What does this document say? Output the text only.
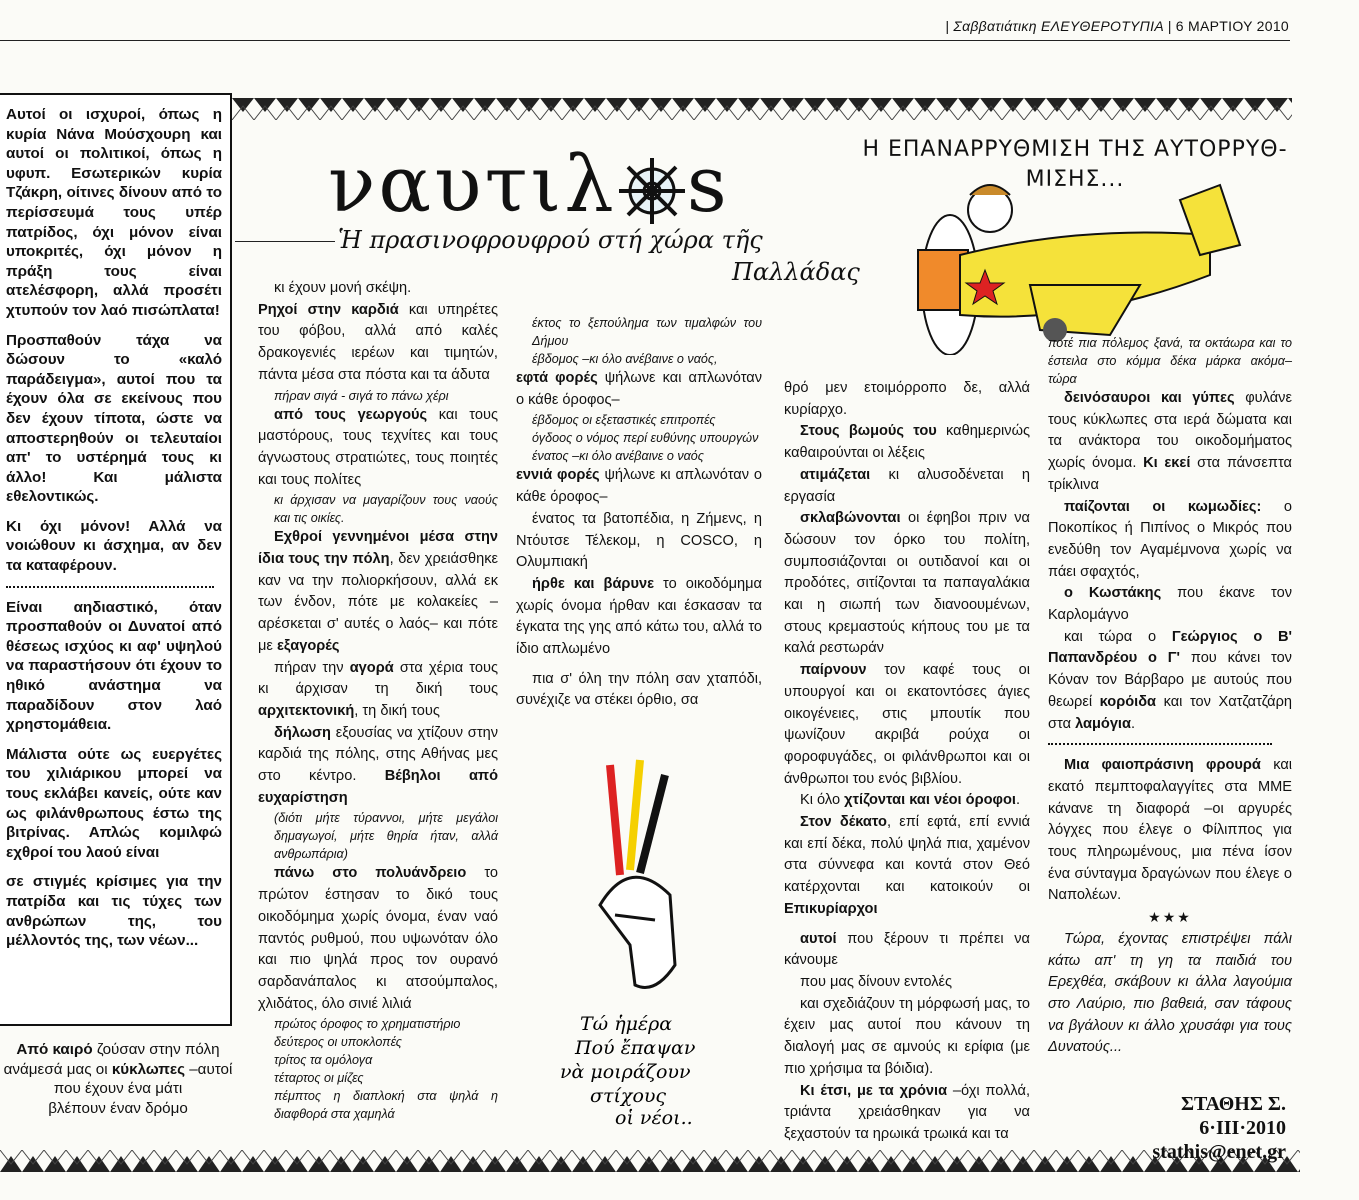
| Σαββατιάτικη ΕΛΕΥΘΕΡΟΤΥΠΙΑ | 6 ΜΑΡΤΙΟΥ 2010

Αυτοί οι ισχυροί, όπως η κυρία Νάνα Μούσχουρη και αυτοί οι πολιτικοί, όπως η υφυπ. Εσωτερικών κυρία Τζάκρη, οίτινες δίνουν από το περίσσευμά τους υπέρ πατρίδος, όχι μόνον είναι υποκριτές, όχι μόνον η πράξη τους είναι ατελέσφορη, αλλά προσέτι χτυπούν τον λαό πισώπλατα!

Προσπαθούν τάχα να δώσουν το «καλό παράδειγμα», αυτοί που τα έχουν όλα σε εκείνους που δεν έχουν τίποτα, ώστε να αποστερηθούν οι τελευταίοι απ' το υστέρημά τους κι άλλο! Και μάλιστα εθελοντικώς.

Κι όχι μόνον! Αλλά να νοιώθουν κι άσχημα, αν δεν τα καταφέρουν.

Είναι αηδιαστικό, όταν προσπαθούν οι Δυνατοί από θέσεως ισχύος κι αφ' υψηλού να παραστήσουν ότι έχουν το ηθικό ανάστημα να παραδίδουν στον λαό χρηστομάθεια.

Μάλιστα ούτε ως ευεργέτες του χιλιάρικου μπορεί να τους εκλάβει κανείς, ούτε καν ως φιλάνθρωπους έστω της βιτρίνας. Απλώς κομιλφώ εχθροί του λαού είναι

σε στιγμές κρίσιμες για την πατρίδα και τις τύχες των ανθρώπων της, του μέλλοντός της, των νέων...

Από καιρό ζούσαν στην πόλη

ανάμεσά μας οι κύκλωπες –αυτοί

που έχουν ένα μάτι

βλέπουν έναν δρόμο

ναυτιλ s
Ἡ πρασινοφρουφρού στή χώρα τῆς
Παλλάδας
Η ΕΠΑΝΑΡΡΥΘΜΙΣΗ ΤΗΣ ΑΥΤΟΡΡΥΘ- ΜΙΣΗΣ...

κι έχουν μονή σκέψη.

Ρηχοί στην καρδιά και υπηρέτες του φόβου, αλλά από καλές δρακογενιές ιερέων και τιμητών, πάντα μέσα στα πόστα και τα άδυτα

πήραν σιγά - σιγά το πάνω χέρι

από τους γεωργούς και τους μαστόρους, τους τεχνίτες και τους άγνωστους στρατιώτες, τους ποιητές και τους πολίτες

κι άρχισαν να μαγαρίζουν τους ναούς και τις οικίες.

Εχθροί γεννημένοι μέσα στην ίδια τους την πόλη, δεν χρειάσθηκε καν να την πολιορκήσουν, αλλά εκ των ένδον, πότε με κολακείες –αρέσκεται σ' αυτές ο λαός– και πότε με εξαγορές

πήραν την αγορά στα χέρια τους κι άρχισαν τη δική τους αρχιτεκτονική, τη δική τους

δήλωση εξουσίας να χτίζουν στην καρδιά της πόλης, στης Αθήνας μες στο κέντρο. Βέβηλοι από ευχαρίστηση

(διότι μήτε τύραννοι, μήτε μεγάλοι δημαγωγοί, μήτε θηρία ήταν, αλλά ανθρωπάρια)

πάνω στο πολυάνδρειο το πρώτον έστησαν το δικό τους οικοδόμημα χωρίς όνομα, έναν ναό παντός ρυθμού, που υψωνόταν όλο και πιο ψηλά προς τον ουρανό σαρδανάπαλος κι ατσούμπαλος, χλιδάτος, όλο σινιέ λιλιά

πρώτος όροφος το χρηματιστήριο

δεύτερος οι υποκλοπές

τρίτος τα ομόλογα

τέταρτος οι μίζες

πέμπτος η διαπλοκή στα ψηλά η διαφθορά στα χαμηλά

έκτος το ξεπούλημα των τιμαλφών του Δήμου

έβδομος –κι όλο ανέβαινε ο ναός,

εφτά φορές ψήλωνε και απλωνόταν ο κάθε όροφος–

έβδομος οι εξεταστικές επιτροπές

όγδοος ο νόμος περί ευθύνης υπουργών

ένατος –κι όλο ανέβαινε ο ναός

εννιά φορές ψήλωνε κι απλωνόταν ο κάθε όροφος–

ένατος τα βατοπέδια, η Ζήμενς, η Ντόυτσε Τέλεκομ, η COSCO, η Ολυμπιακή

ήρθε και βάρυνε το οικοδόμημα χωρίς όνομα ήρθαν και έσκασαν τα έγκατα της γης από κάτω του, αλλά το ίδιο απλωμένο

πια σ' όλη την πόλη σαν χταπόδι, συνέχιζε να στέκει όρθιο, σα

Τώ ἡμέρα Πού ἔπαψαν νὰ μοιράζουν στίχους οἱ νέοι..

θρό μεν ετοιμόρροπο δε, αλλά κυρίαρχο.

Στους βωμούς του καθημερινώς καθαιρούνται οι λέξεις

ατιμάζεται κι αλυσοδένεται η εργασία

σκλαβώνονται οι έφηβοι πριν να δώσουν τον όρκο του πολίτη, συμποσιάζονται οι ουτιδανοί και οι προδότες, σιτίζονται τα παπαγαλάκια και η σιωπή των διανοουμένων, στους κρεμαστούς κήπους του με τα καλά ρεστωράν

παίρνουν τον καφέ τους οι υπουργοί και οι εκατοντόσες άγιες οικογένειες, στις μπουτίκ που ψωνίζουν ακριβά ρούχα οι φοροφυγάδες, οι φιλάνθρωποι και οι άνθρωποι του ενός βιβλίου.

Κι όλο χτίζονται και νέοι όροφοι.

Στον δέκατο, επί εφτά, επί εννιά και επί δέκα, πολύ ψηλά πια, χαμένον στα σύννεφα και κοντά στον Θεό κατέρχονται και κατοικούν οι Επικυρίαρχοι

αυτοί που ξέρουν τι πρέπει να κάνουμε

που μας δίνουν εντολές

και σχεδιάζουν τη μόρφωσή μας, το έχειν μας αυτοί που κάνουν τη διαλογή μας σε αμνούς κι ερίφια (με πιο χρήσιμα τα βόιδια).

Κι έτσι, με τα χρόνια –όχι πολλά, τριάντα χρειάσθηκαν για να ξεχαστούν τα ηρωικά τρωικά και τα

ποτέ πια πόλεμος ξανά, τα οκτάωρα και το έστειλα στο κόμμα δέκα μάρκα ακόμα– τώρα

δεινόσαυροι και γύπες φυλάνε τους κύκλωπες στα ιερά δώματα και τα ανάκτορα του οικοδομήματος χωρίς όνομα. Κι εκεί στα πάνσεπτα τρίκλινα

παίζονται οι κωμωδίες: ο Ποκοπίκος ή Πιπίνος ο Μικρός που ενεδύθη τον Αγαμέμνονα χωρίς να πάει σφαχτός,

ο Κωστάκης που έκανε τον Καρλομάγνο

και τώρα ο Γεώργιος ο Β' Παπανδρέου ο Γ' που κάνει τον Κόναν τον Βάρβαρο με αυτούς που θεωρεί κορόιδα και τον Χατζατζάρη στα λαμόγια.

Μια φαιοπράσινη φρουρά και εκατό πεμπτοφαλαγγίτες στα ΜΜΕ κάνανε τη διαφορά –οι αργυρές λόγχες που έλεγε ο Φίλιππος για τους πληρωμένους, μια πένα ίσον ένα σύνταγμα δραγώνων που έλεγε ο Ναπολέων.

★★★

Τώρα, έχοντας επιστρέψει πάλι κάτω απ' τη γη τα παιδιά του Ερεχθέα, σκάβουν κι άλλα λαγούμια στο Λαύριο, πιο βαθειά, σαν τάφους να βγάλουν κι άλλο χρυσάφι για τους Δυνατούς...

ΣΤΑΘΗΣ Σ.
6·ΙΙΙ·2010
stathis@enet.gr
